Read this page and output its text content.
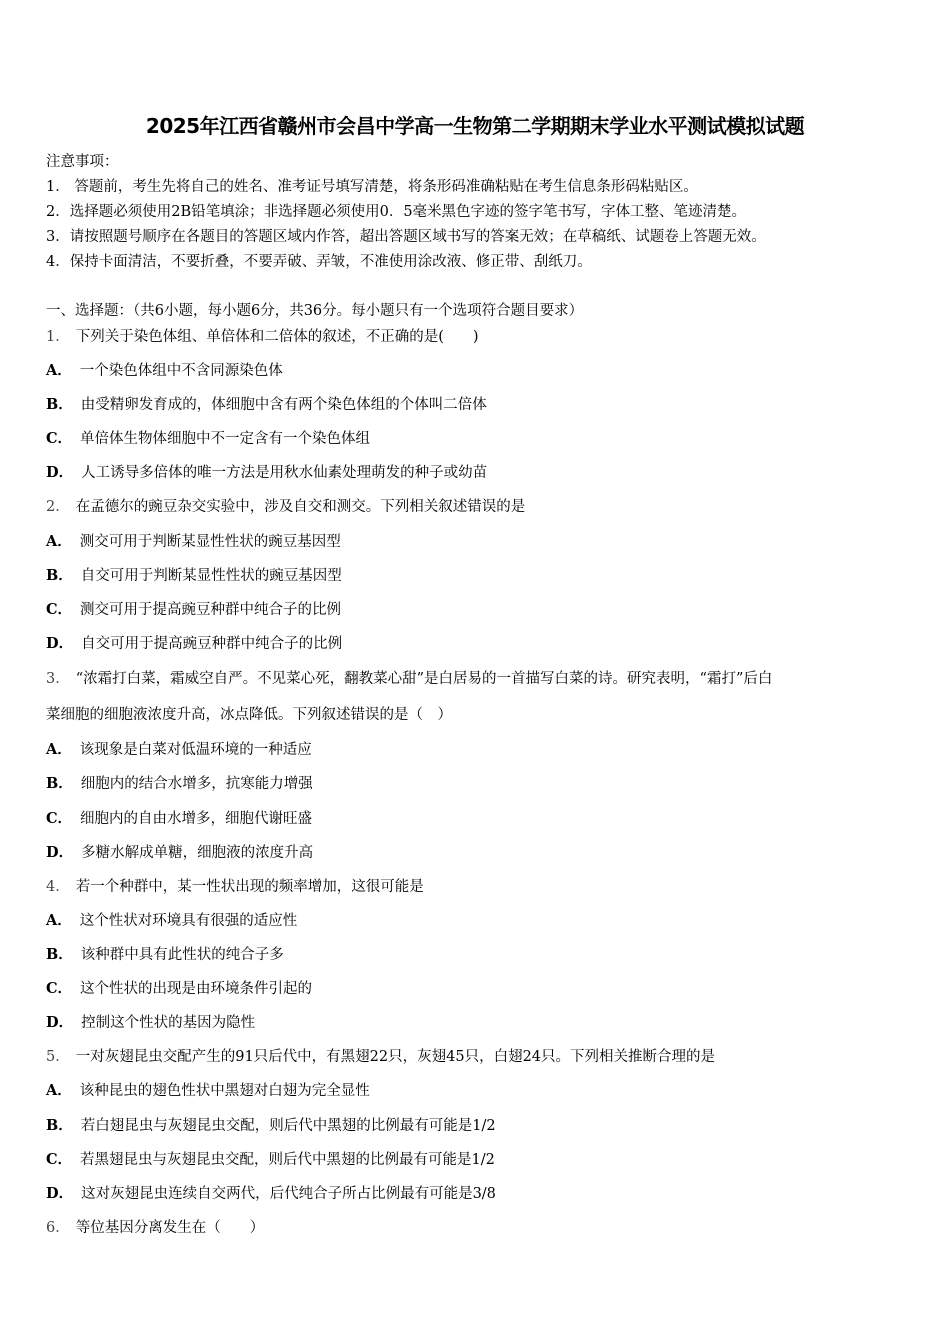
2025年江西省赣州市会昌中学高一生物第二学期期末学业水平测试模拟试题
注意事项：
1． 答题前，考生先将自己的姓名、准考证号填写清楚，将条形码准确粘贴在考生信息条形码粘贴区。
2．选择题必须使用2B铅笔填涂；非选择题必须使用0．5毫米黑色字迹的签字笔书写，字体工整、笔迹清楚。
3．请按照题号顺序在各题目的答题区域内作答，超出答题区域书写的答案无效；在草稿纸、试题卷上答题无效。
4．保持卡面清洁，不要折叠，不要弄破、弄皱，不准使用涂改液、修正带、刮纸刀。
一、选择题：（共6小题，每小题6分，共36分。每小题只有一个选项符合题目要求）
1． 下列关于染色体组、单倍体和二倍体的叙述，不正确的是(　　)
A． 一个染色体组中不含同源染色体
B． 由受精卵发育成的，体细胞中含有两个染色体组的个体叫二倍体
C． 单倍体生物体细胞中不一定含有一个染色体组
D． 人工诱导多倍体的唯一方法是用秋水仙素处理萌发的种子或幼苗
2． 在孟德尔的豌豆杂交实验中，涉及自交和测交。下列相关叙述错误的是
A． 测交可用于判断某显性性状的豌豆基因型
B． 自交可用于判断某显性性状的豌豆基因型
C． 测交可用于提高豌豆种群中纯合子的比例
D． 自交可用于提高豌豆种群中纯合子的比例
3． “浓霜打白菜，霜威空自严。不见菜心死，翻教菜心甜”是白居易的一首描写白菜的诗。研究表明，“霜打”后白
菜细胞的细胞液浓度升高，冰点降低。下列叙述错误的是（　）
A． 该现象是白菜对低温环境的一种适应
B． 细胞内的结合水增多，抗寒能力增强
C． 细胞内的自由水增多，细胞代谢旺盛
D． 多糖水解成单糖，细胞液的浓度升高
4． 若一个种群中，某一性状出现的频率增加，这很可能是
A． 这个性状对环境具有很强的适应性
B． 该种群中具有此性状的纯合子多
C． 这个性状的出现是由环境条件引起的
D． 控制这个性状的基因为隐性
5． 一对灰翅昆虫交配产生的91只后代中，有黑翅22只，灰翅45只，白翅24只。下列相关推断合理的是
A． 该种昆虫的翅色性状中黑翅对白翅为完全显性
B． 若白翅昆虫与灰翅昆虫交配，则后代中黑翅的比例最有可能是1/2
C． 若黑翅昆虫与灰翅昆虫交配，则后代中黑翅的比例最有可能是1/2
D． 这对灰翅昆虫连续自交两代，后代纯合子所占比例最有可能是3/8
6． 等位基因分离发生在（　　）
